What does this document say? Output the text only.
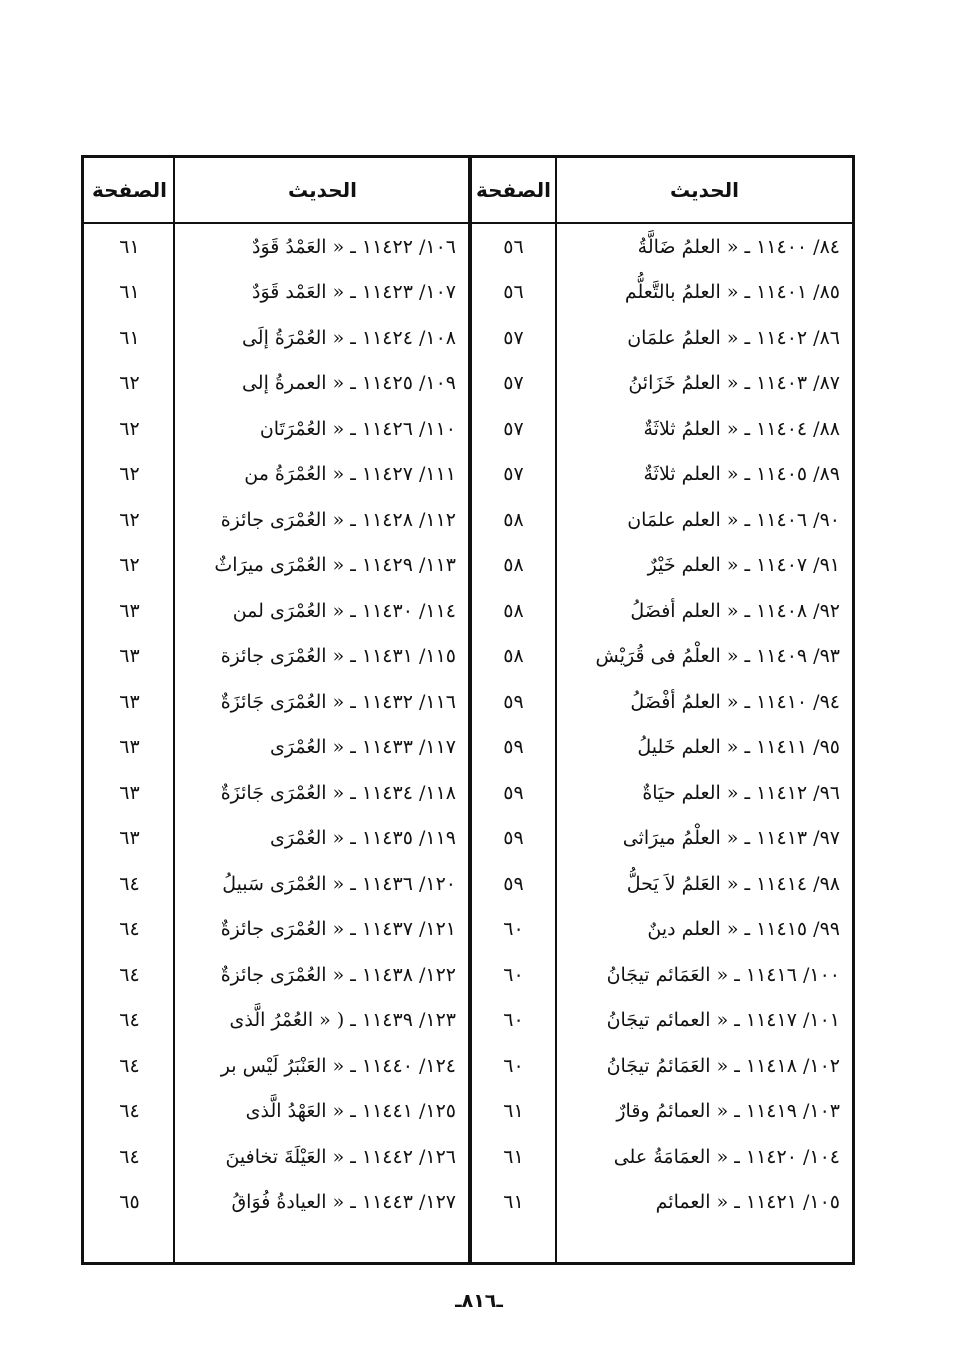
الحديث
الصفحة
الحديث
الصفحة
٨٤/ ١١٤٠٠ ـ « العلمُ ضَالَّةُ
٥٦
١٠٦/ ١١٤٢٢ ـ « العَمْدُ قَوَدٌ
٦١
٨٥/ ١١٤٠١ ـ « العلمُ بالتَّعلُّم
٥٦
١٠٧/ ١١٤٢٣ ـ « العَمْد قَوَدٌ
٦١
٨٦/ ١١٤٠٢ ـ « العلمُ علمَان
٥٧
١٠٨/ ١١٤٢٤ ـ « العُمْرَةُ إلَى
٦١
٨٧/ ١١٤٠٣ ـ « العلمُ خَزَائنُ
٥٧
١٠٩/ ١١٤٢٥ ـ « العمرةُ إلى
٦٢
٨٨/ ١١٤٠٤ ـ « العلمُ ثلاثَةٌ
٥٧
١١٠/ ١١٤٢٦ ـ « العُمْرَتَان
٦٢
٨٩/ ١١٤٠٥ ـ « العلم ثلاثَةٌ
٥٧
١١١/ ١١٤٢٧ ـ « العُمْرَةُ من
٦٢
٩٠/ ١١٤٠٦ ـ « العلم علمَان
٥٨
١١٢/ ١١٤٢٨ ـ « العُمْرَى جائزة
٦٢
٩١/ ١١٤٠٧ ـ « العلم خَيْرٌ
٥٨
١١٣/ ١١٤٢٩ ـ « العُمْرَى ميرَاثٌ
٦٢
٩٢/ ١١٤٠٨ ـ « العلم أفضَلُ
٥٨
١١٤/ ١١٤٣٠ ـ « العُمْرَى لمن
٦٣
٩٣/ ١١٤٠٩ ـ « العلْمُ فى قُرَيْش
٥٨
١١٥/ ١١٤٣١ ـ « العُمْرَى جائزة
٦٣
٩٤/ ١١٤١٠ ـ « العلمُ أفْضَلُ
٥٩
١١٦/ ١١٤٣٢ ـ « العُمْرَى جَائزَةٌ
٦٣
٩٥/ ١١٤١١ ـ « العلم خَليلُ
٥٩
١١٧/ ١١٤٣٣ ـ « العُمْرَى
٦٣
٩٦/ ١١٤١٢ ـ « العلم حيَاةٌ
٥٩
١١٨/ ١١٤٣٤ ـ « العُمْرَى جَائزَةٌ
٦٣
٩٧/ ١١٤١٣ ـ « العلْمُ ميرَاثى
٥٩
١١٩/ ١١٤٣٥ ـ « العُمْرَى
٦٣
٩٨/ ١١٤١٤ ـ « العَلمُ لاَ يَحلُّ
٥٩
١٢٠/ ١١٤٣٦ ـ « العُمْرَى سَبيلُ
٦٤
٩٩/ ١١٤١٥ ـ « العلم دينٌ
٦٠
١٢١/ ١١٤٣٧ ـ « العُمْرَى جائزةٌ
٦٤
١٠٠/ ١١٤١٦ ـ « العَمَائم تيجَانُ
٦٠
١٢٢/ ١١٤٣٨ ـ « العُمْرَى جائزةٌ
٦٤
١٠١/ ١١٤١٧ ـ « العمائم تيجَانُ
٦٠
١٢٣/ ١١٤٣٩ ـ ( « العُمْرُ الَّذى
٦٤
١٠٢/ ١١٤١٨ ـ « العَمَائمُ تيجَانُ
٦٠
١٢٤/ ١١٤٤٠ ـ « العَنْبَرُ لَيْس بر
٦٤
١٠٣/ ١١٤١٩ ـ « العمائمُ وقارٌ
٦١
١٢٥/ ١١٤٤١ ـ « العَهْدُ الَّذى
٦٤
١٠٤/ ١١٤٢٠ ـ « العمَامَةُ على
٦١
١٢٦/ ١١٤٤٢ ـ « العَيْلَةَ تخافينَ
٦٤
١٠٥/ ١١٤٢١ ـ « العمائم
٦١
١٢٧/ ١١٤٤٣ ـ « العيادةُ فُوَاقُ
٦٥
ـ٨١٦ـ
